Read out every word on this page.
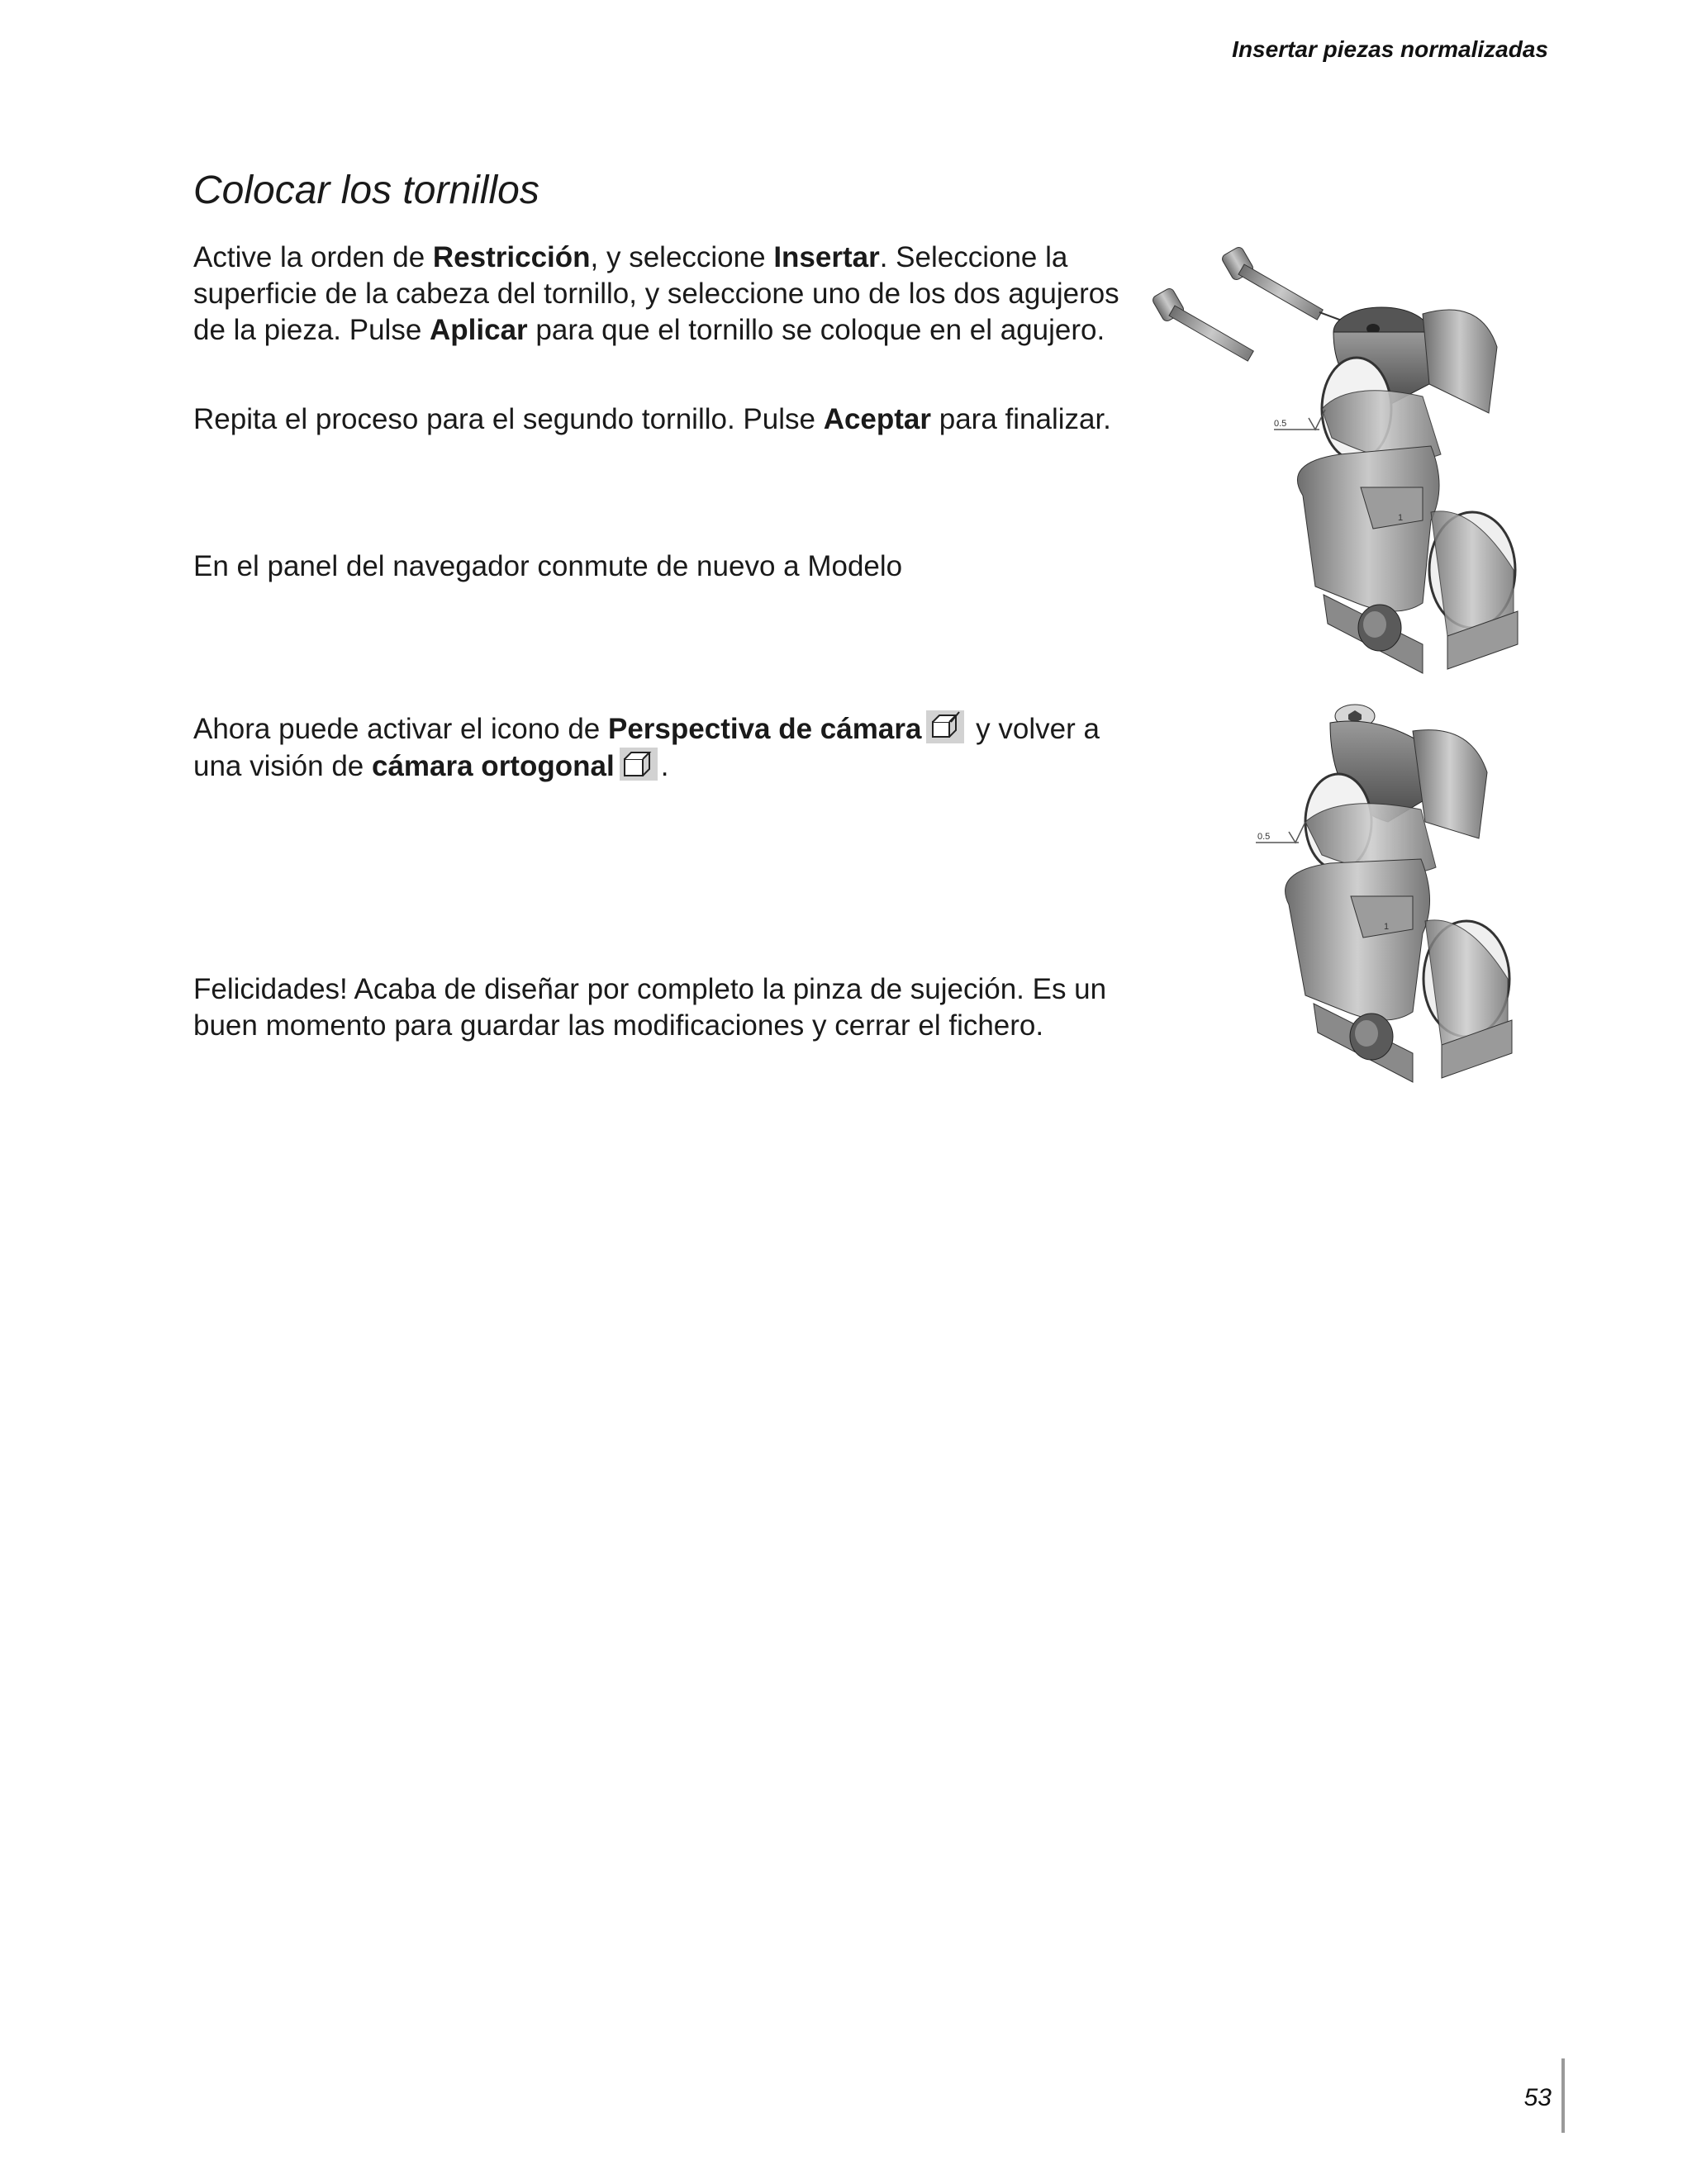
Insertar piezas normalizadas
Colocar los tornillos

Active la orden de Restricción, y seleccione Insertar. Seleccione la superficie de la cabeza del tornillo, y seleccione uno de los dos agujeros de la pieza. Pulse Aplicar para que el tornillo se coloque en el agujero.

Repita el proceso para el segundo tornillo. Pulse Aceptar para finalizar.

En el panel del navegador conmute de nuevo a Modelo

Ahora puede activar el icono de Perspectiva de cámara
y volver a una visión de cámara ortogonal .

Felicidades! Acaba de diseñar por completo la pinza de sujeción. Es un buen momento para guardar las modificaciones y cerrar el fichero.

0.5
1
0.5
1
53
